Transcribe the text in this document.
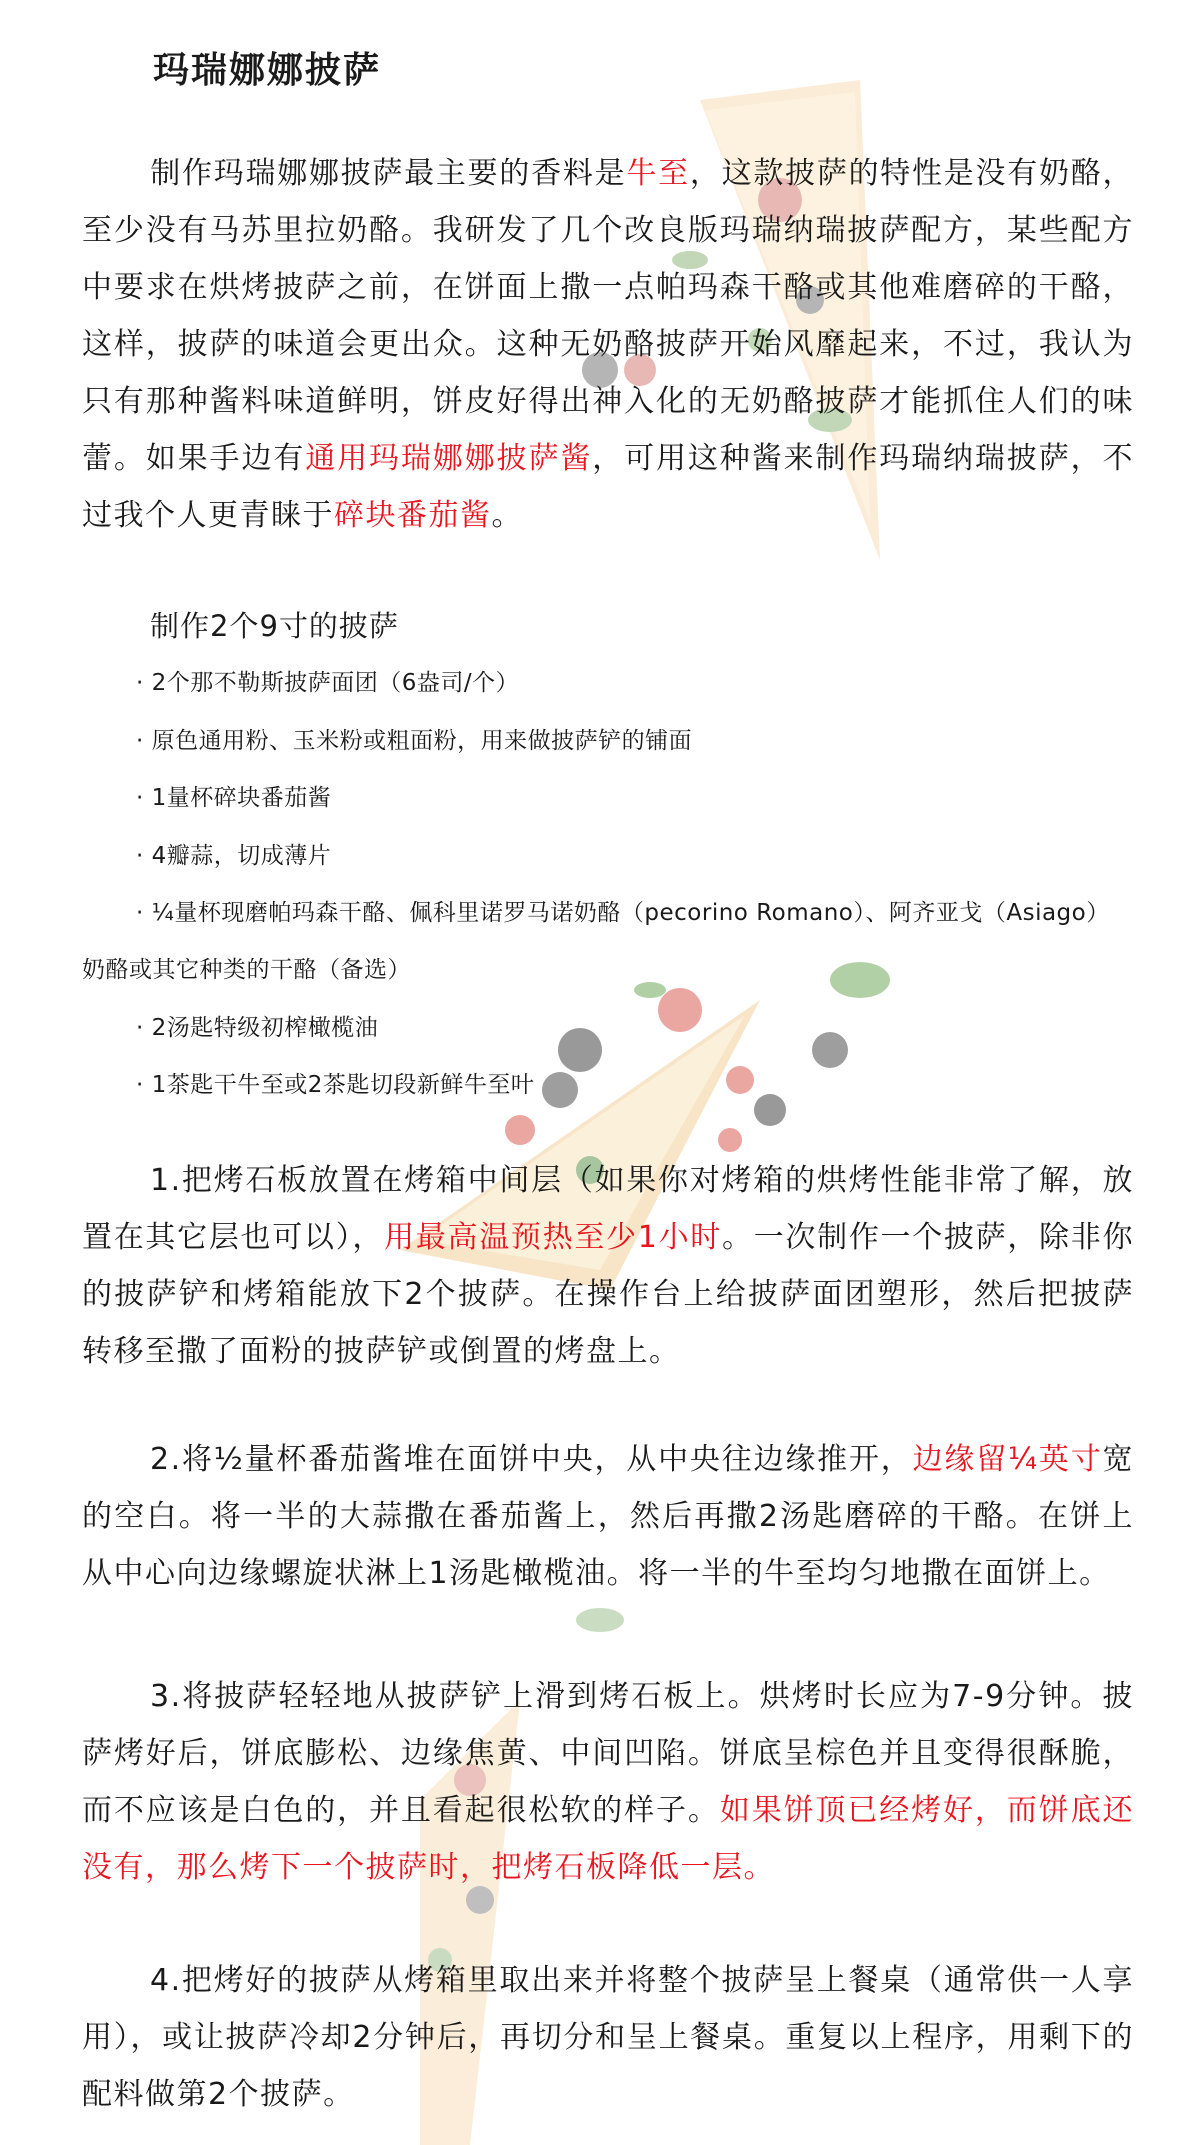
玛瑞娜娜披萨
制作玛瑞娜娜披萨最主要的香料是牛至，这款披萨的特性是没有奶酪，至少没有马苏里拉奶酪。我研发了几个改良版玛瑞纳瑞披萨配方，某些配方中要求在烘烤披萨之前，在饼面上撒一点帕玛森干酪或其他难磨碎的干酪，这样，披萨的味道会更出众。这种无奶酪披萨开始风靡起来，不过，我认为只有那种酱料味道鲜明，饼皮好得出神入化的无奶酪披萨才能抓住人们的味蕾。如果手边有通用玛瑞娜娜披萨酱，可用这种酱来制作玛瑞纳瑞披萨，不过我个人更青睐于碎块番茄酱。
制作2个9寸的披萨
· 2个那不勒斯披萨面团（6盎司/个）
· 原色通用粉、玉米粉或粗面粉，用来做披萨铲的铺面
· 1量杯碎块番茄酱
· 4瓣蒜，切成薄片
· ¼量杯现磨帕玛森干酪、佩科里诺罗马诺奶酪（pecorino Romano）、阿齐亚戈（Asiago）
奶酪或其它种类的干酪（备选）
· 2汤匙特级初榨橄榄油
· 1茶匙干牛至或2茶匙切段新鲜牛至叶
1.把烤石板放置在烤箱中间层（如果你对烤箱的烘烤性能非常了解，放置在其它层也可以），用最高温预热至少1小时。一次制作一个披萨，除非你的披萨铲和烤箱能放下2个披萨。在操作台上给披萨面团塑形，然后把披萨转移至撒了面粉的披萨铲或倒置的烤盘上。
2.将½量杯番茄酱堆在面饼中央，从中央往边缘推开，边缘留¼英寸宽的空白。将一半的大蒜撒在番茄酱上，然后再撒2汤匙磨碎的干酪。在饼上从中心向边缘螺旋状淋上1汤匙橄榄油。将一半的牛至均匀地撒在面饼上。
3.将披萨轻轻地从披萨铲上滑到烤石板上。烘烤时长应为7-9分钟。披萨烤好后，饼底膨松、边缘焦黄、中间凹陷。饼底呈棕色并且变得很酥脆，而不应该是白色的，并且看起很松软的样子。如果饼顶已经烤好，而饼底还没有，那么烤下一个披萨时，把烤石板降低一层。
4.把烤好的披萨从烤箱里取出来并将整个披萨呈上餐桌（通常供一人享用），或让披萨冷却2分钟后，再切分和呈上餐桌。重复以上程序，用剩下的配料做第2个披萨。
